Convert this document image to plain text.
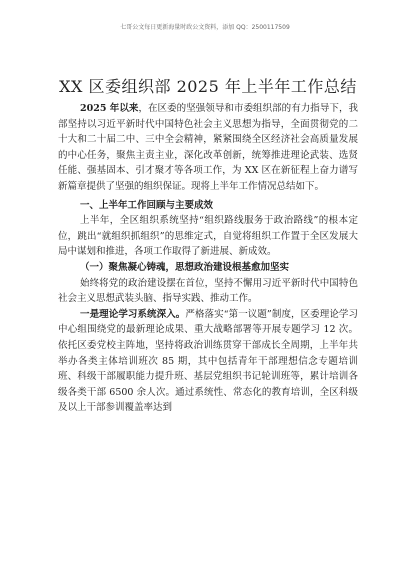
七哥公文每日更新海量时政公文资料，添加 QQ：2500117509
XX 区委组织部 2025 年上半年工作总结

2025 年以来，在区委的坚强领导和市委组织部的有力指导下，我部坚持以习近平新时代中国特色社会主义思想为指导，全面贯彻党的二十大和二十届二中、三中全会精神，紧紧围绕全区经济社会高质量发展的中心任务，聚焦主责主业，深化改革创新，统筹推进理论武装、选贤任能、强基固本、引才聚才等各项工作，为 XX 区在新征程上奋力谱写新篇章提供了坚强的组织保证。现将上半年工作情况总结如下。

一、上半年工作回顾与主要成效

上半年，全区组织系统坚持“组织路线服务于政治路线”的根本定位，跳出“就组织抓组织”的思维定式，自觉将组织工作置于全区发展大局中谋划和推进，各项工作取得了新进展、新成效。

（一）聚焦凝心铸魂，思想政治建设根基愈加坚实

始终将党的政治建设摆在首位，坚持不懈用习近平新时代中国特色社会主义思想武装头脑、指导实践、推动工作。

一是理论学习系统深入。严格落实“第一议题”制度，区委理论学习中心组围绕党的最新理论成果、重大战略部署等开展专题学习 12 次。依托区委党校主阵地，坚持将政治训练贯穿干部成长全周期，上半年共举办各类主体培训班次 85 期，其中包括青年干部理想信念专题培训班、科级干部履职能力提升班、基层党组织书记轮训班等，累计培训各级各类干部 6500 余人次。通过系统性、常态化的教育培训，全区科级及以上干部参训覆盖率达到
